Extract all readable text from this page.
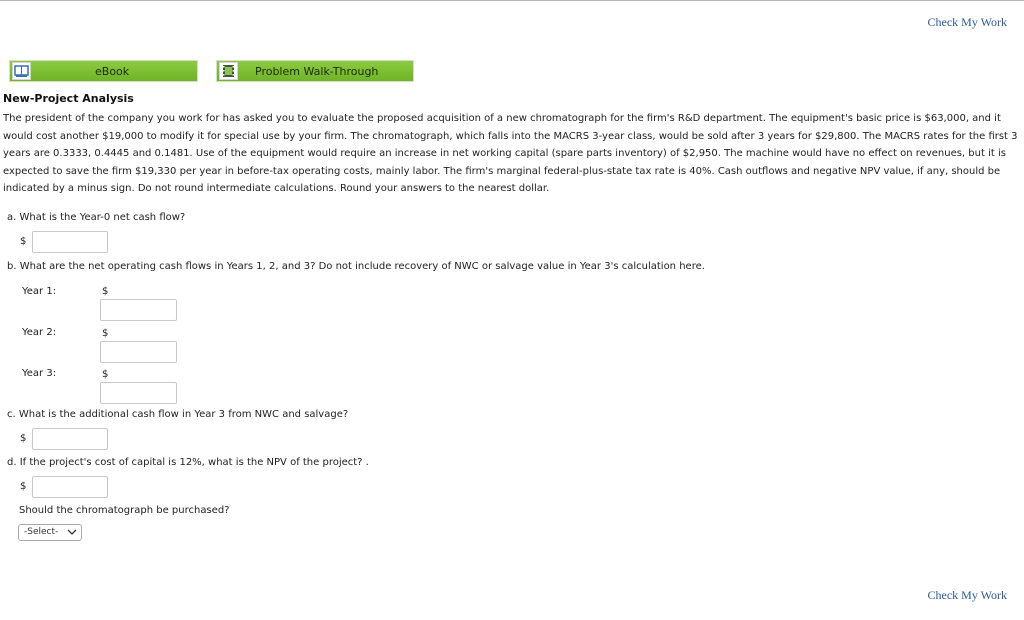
Check My Work
eBook	Problem Walk-Through
New-Project Analysis
The president of the company you work for has asked you to evaluate the proposed acquisition of a new chromatograph for the firm's R&D department. The equipment's basic price is $63,000, and it would cost another $19,000 to modify it for special use by your firm. The chromatograph, which falls into the MACRS 3-year class, would be sold after 3 years for $29,800. The MACRS rates for the first 3 years are 0.3333, 0.4445 and 0.1481. Use of the equipment would require an increase in net working capital (spare parts inventory) of $2,950. The machine would have no effect on revenues, but it is expected to save the firm $19,330 per year in before-tax operating costs, mainly labor. The firm's marginal federal-plus-state tax rate is 40%. Cash outflows and negative NPV value, if any, should be indicated by a minus sign. Do not round intermediate calculations. Round your answers to the nearest dollar.
a. What is the Year-0 net cash flow?
$
b. What are the net operating cash flows in Years 1, 2, and 3? Do not include recovery of NWC or salvage value in Year 3's calculation here.
Year 1:	$
Year 2:	$
Year 3:	$
c. What is the additional cash flow in Year 3 from NWC and salvage?
$
d. If the project's cost of capital is 12%, what is the NPV of the project? .
$
Should the chromatograph be purchased?
-Select-
Check My Work
